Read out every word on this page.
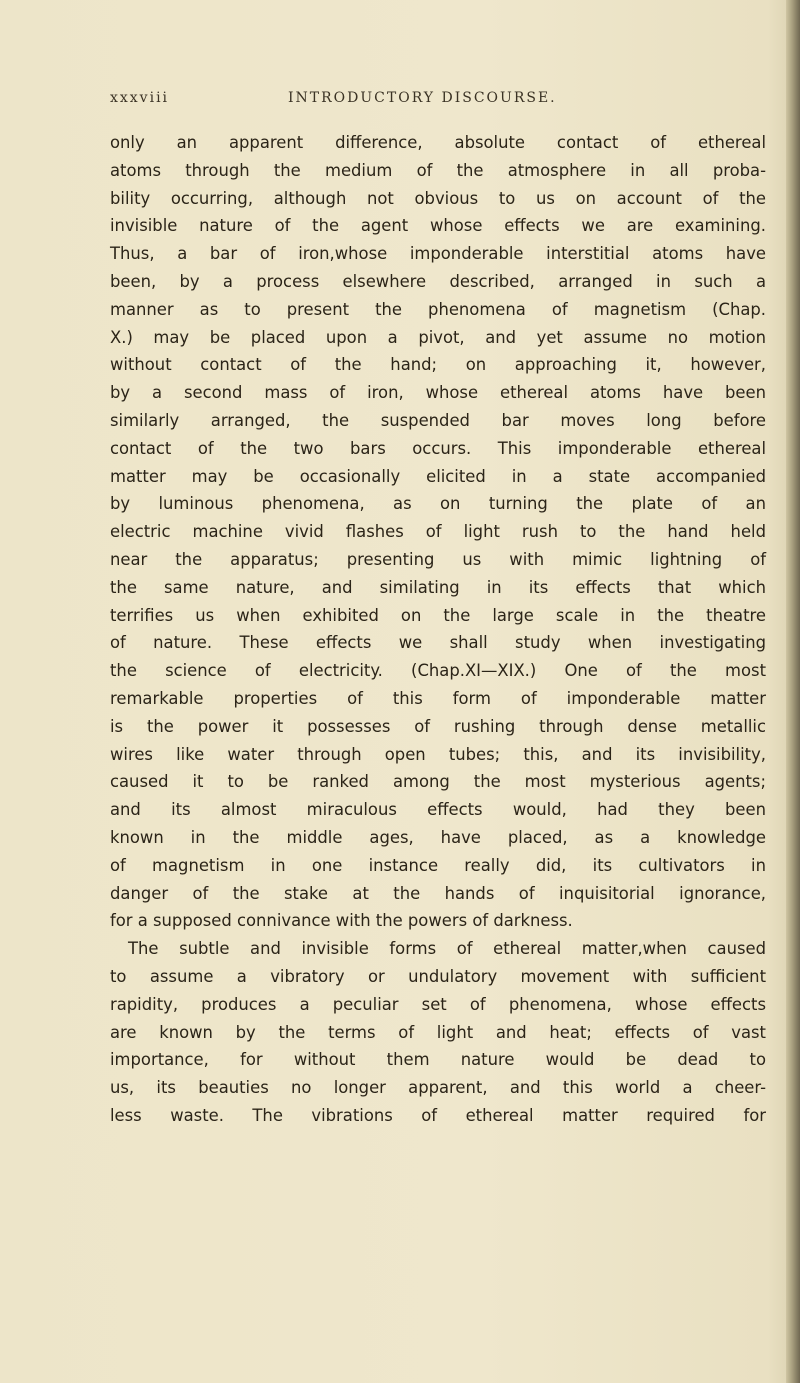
xxxviii	INTRODUCTORY DISCOURSE.
only an apparent difference, absolute contact of ethereal
atoms through the medium of the atmosphere in all proba-
bility occurring, although not obvious to us on account of the
invisible nature of the agent whose effects we are examining.
Thus, a bar of iron,whose imponderable interstitial atoms have
been, by a process elsewhere described, arranged in such a
manner as to present the phenomena of magnetism (Chap.
X.) may be placed upon a pivot, and yet assume no motion
without contact of the hand; on approaching it, however,
by a second mass of iron, whose ethereal atoms have been
similarly arranged, the suspended bar moves long before
contact of the two bars occurs. This imponderable ethereal
matter may be occasionally elicited in a state accompanied
by luminous phenomena, as on turning the plate of an
electric machine vivid flashes of light rush to the hand held
near the apparatus; presenting us with mimic lightning of
the same nature, and similating in its effects that which
terrifies us when exhibited on the large scale in the theatre
of nature. These effects we shall study when investigating
the science of electricity. (Chap.XI—XIX.) One of the most
remarkable properties of this form of imponderable matter
is the power it possesses of rushing through dense metallic
wires like water through open tubes; this, and its invisibility,
caused it to be ranked among the most mysterious agents;
and its almost miraculous effects would, had they been
known in the middle ages, have placed, as a knowledge
of magnetism in one instance really did, its cultivators in
danger of the stake at the hands of inquisitorial ignorance,
for a supposed connivance with the powers of darkness.
The subtle and invisible forms of ethereal matter,when caused
to assume a vibratory or undulatory movement with sufficient
rapidity, produces a peculiar set of phenomena, whose effects
are known by the terms of light and heat; effects of vast
importance, for without them nature would be dead to
us, its beauties no longer apparent, and this world a cheer-
less waste. The vibrations of ethereal matter required for
